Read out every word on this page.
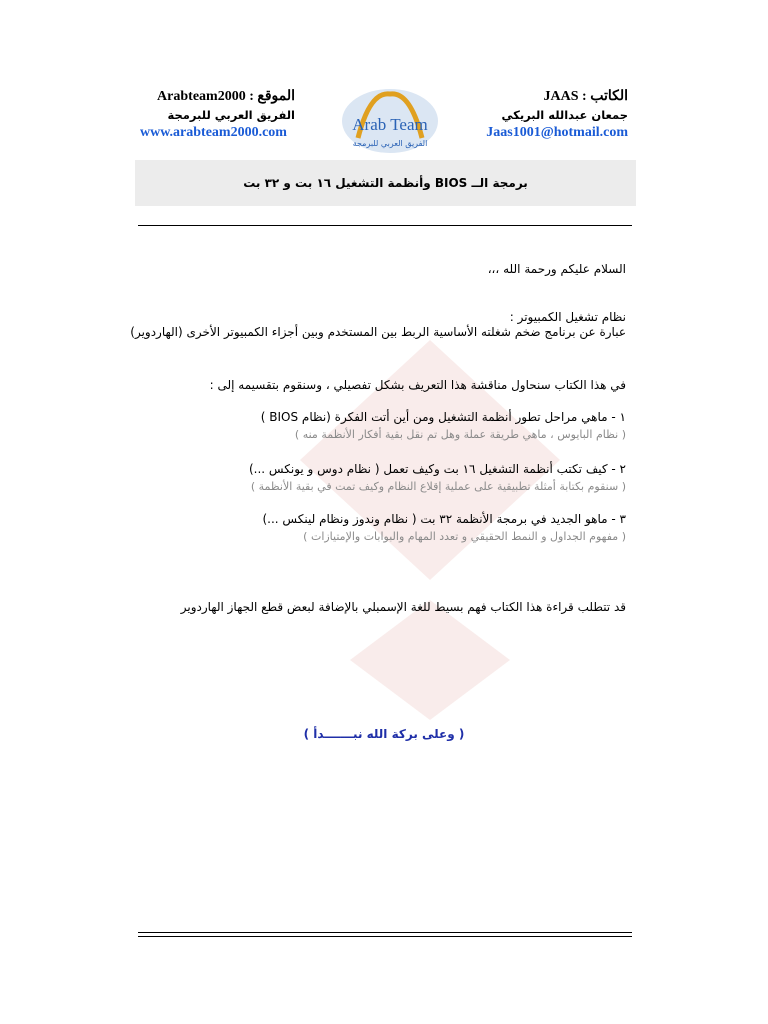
الكاتب : JAAS
جمعان عبدالله البريكي
Jaas1001@hotmail.com
الموقع : Arabteam2000
الفريق العربي للبرمجة
www.arabteam2000.com	Arab Team
الفريق العربي للبرمجة
برمجة الــ BIOS وأنظمة التشغيل ١٦ بت و ٣٢ بت
السلام عليكم ورحمة الله ،،،
نظام تشغيل الكمبيوتر :
عبارة عن برنامج ضخم شغلته الأساسية الربط بين المستخدم وبين أجزاء الكمبيوتر الأخرى (الهاردوير)
في هذا الكتاب سنحاول مناقشة هذا التعريف بشكل تفصيلي ، وسنقوم بتقسيمه إلى :
١ - ماهي مراحل تطور أنظمة التشغيل ومن أين أتت الفكرة (نظام BIOS )
( نظام البايوس ، ماهي طريقة عملة وهل تم نقل بقية أفكار الأنظمة منه )
٢ - كيف تكتب أنظمة التشغيل ١٦ بت وكيف تعمل ( نظام دوس و يونكس ...)
( سنقوم بكتابة أمثلة تطبيقية على عملية إقلاع النظام وكيف تمت في بقية الأنظمة )
٣ - ماهو الجديد في برمجة الأنظمة ٣٢ بت ( نظام وندوز ونظام لينكس ...)
( مفهوم الجداول و النمط الحقيقي و تعدد المهام والبوابات والإمتيازات )
قد تتطلب قراءة هذا الكتاب فهم بسيط للغة الإسمبلي بالإضافة لبعض قطع الجهاز الهاردوير
( وعلى بركة الله نبـــــــدأ )
